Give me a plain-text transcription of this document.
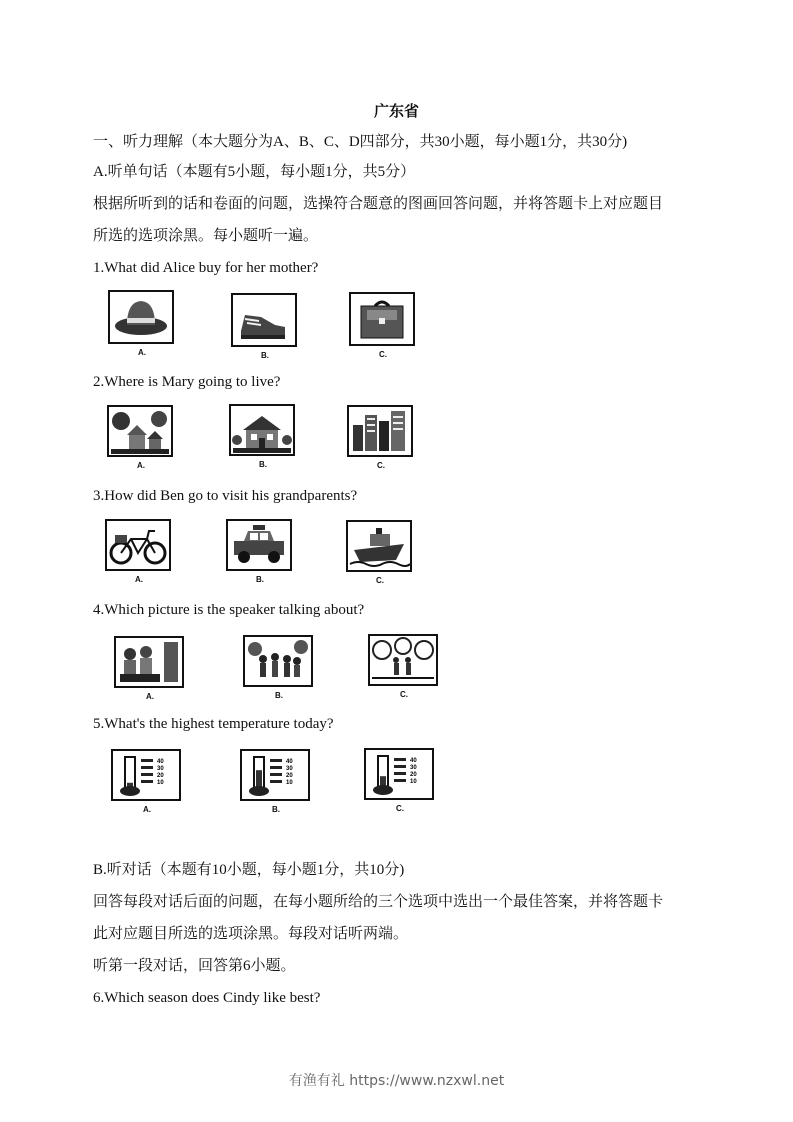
广东省
一、听力理解（本大题分为A、B、C、D四部分，共30小题，每小题1分，共30分)
A.听单句话（本题有5小题，每小题1分，共5分）
根据所听到的话和卷面的问题，选操符合题意的图画回答问题，并将答题卡上对应题目
所选的选项涂黑。每小题听一遍。
1.What did Alice buy for her mother?
A.	B.	C.
2.Where is Mary going to live?
A.	B.	C.
3.How did Ben go to visit his grandparents?
A.	B.	C.
4.Which picture is the speaker talking about?
A.	B.	C.
5.What's the highest temperature today?
40
30
20
10
A.
40
30
20
10
B.
40
30
20
10
C.
B.听对话（本题有10小题，每小题1分，共10分)
回答每段对话后面的问题，在每小题所给的三个选项中选出一个最佳答案，并将答题卡
此对应题目所选的选项涂黑。每段对话听两端。
听第一段对话，回答第6小题。
6.Which season does Cindy like best?
有渔有礼 https://www.nzxwl.net
